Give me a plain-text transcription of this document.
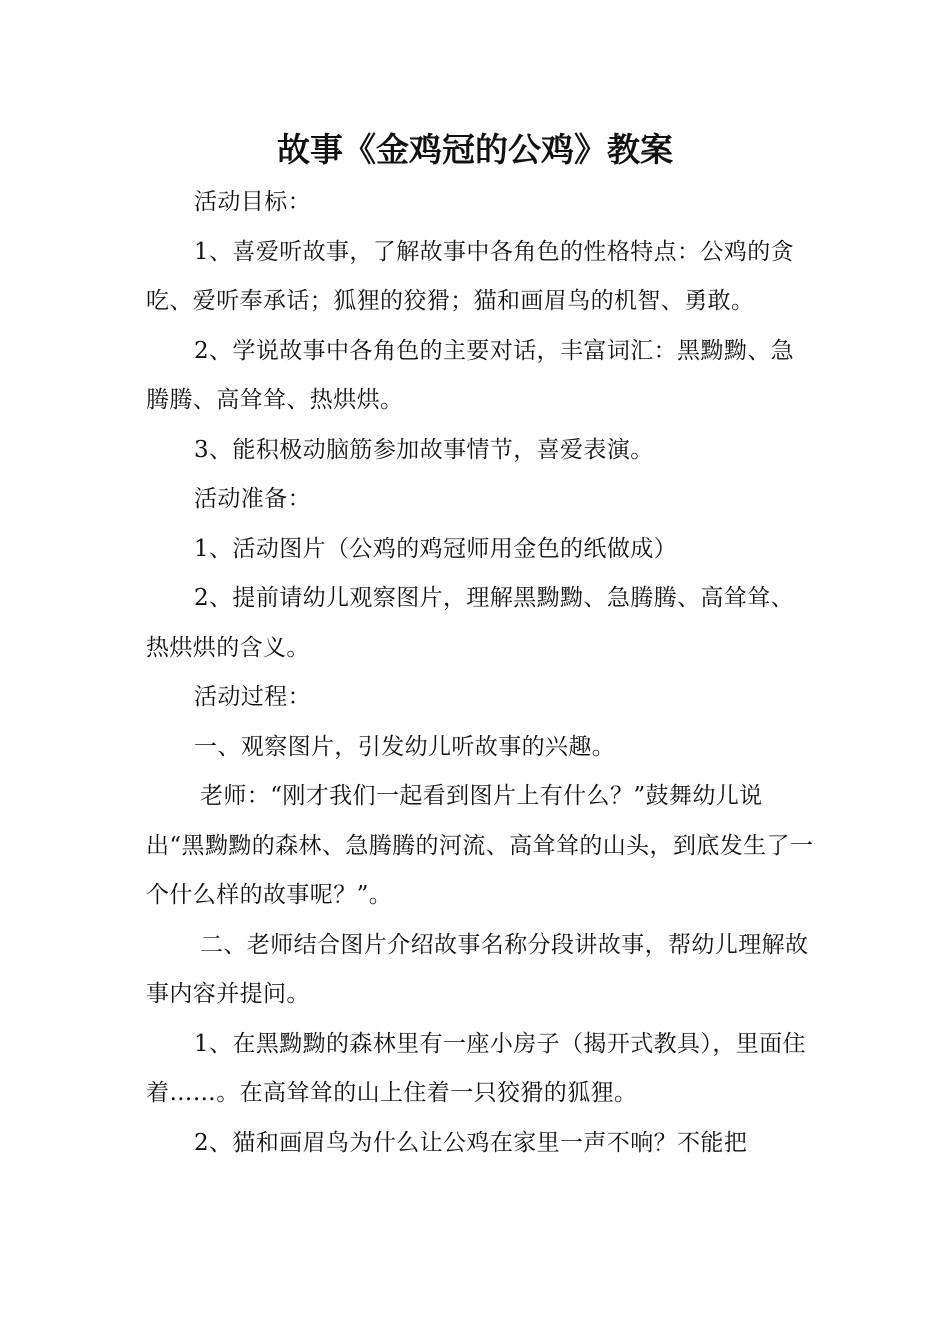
故事《金鸡冠的公鸡》教案

活动目标：

1、喜爱听故事，了解故事中各角色的性格特点：公鸡的贪吃、爱听奉承话；狐狸的狡猾；猫和画眉鸟的机智、勇敢。

2、学说故事中各角色的主要对话，丰富词汇：黑黝黝、急腾腾、高耸耸、热烘烘。

3、能积极动脑筋参加故事情节，喜爱表演。

活动准备：

1、活动图片（公鸡的鸡冠师用金色的纸做成）

2、提前请幼儿观察图片，理解黑黝黝、急腾腾、高耸耸、热烘烘的含义。

活动过程：

一、观察图片，引发幼儿听故事的兴趣。

老师：“刚才我们一起看到图片上有什么？”鼓舞幼儿说出“黑黝黝的森林、急腾腾的河流、高耸耸的山头，到底发生了一个什么样的故事呢？”。

二、老师结合图片介绍故事名称分段讲故事，帮幼儿理解故事内容并提问。

1、在黑黝黝的森林里有一座小房子（揭开式教具），里面住着……。在高耸耸的山上住着一只狡猾的狐狸。

2、猫和画眉鸟为什么让公鸡在家里一声不响？不能把
